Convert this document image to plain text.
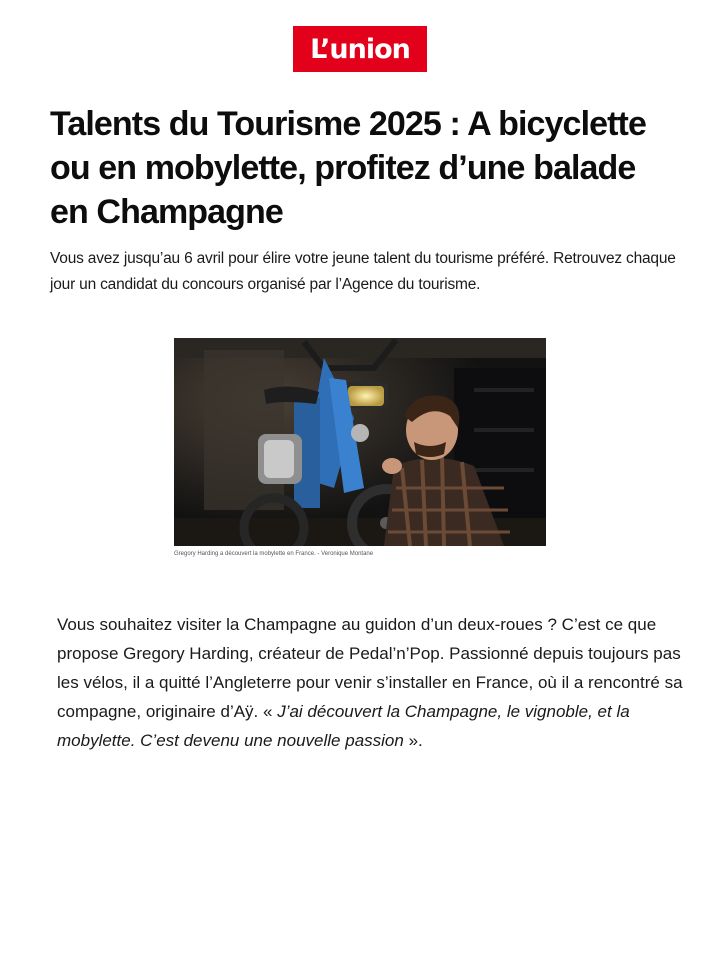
L’union
Talents du Tourisme 2025 : A bicyclette ou en mobylette, profitez d’une balade en Champagne

Vous avez jusqu’au 6 avril pour élire votre jeune talent du tourisme préféré. Retrouvez chaque jour un candidat du concours organisé par l’Agence du tourisme.

Gregory Harding a découvert la mobylette en France. - Veronique Montane

Vous souhaitez visiter la Champagne au guidon d’un deux-roues ? C’est ce que propose Gregory Harding, créateur de Pedal’n’Pop. Passionné depuis toujours pas les vélos, il a quitté l’Angleterre pour venir s’installer en France, où il a rencontré sa compagne, originaire d’Aÿ. « J’ai découvert la Champagne, le vignoble, et la mobylette. C’est devenu une nouvelle passion ».
